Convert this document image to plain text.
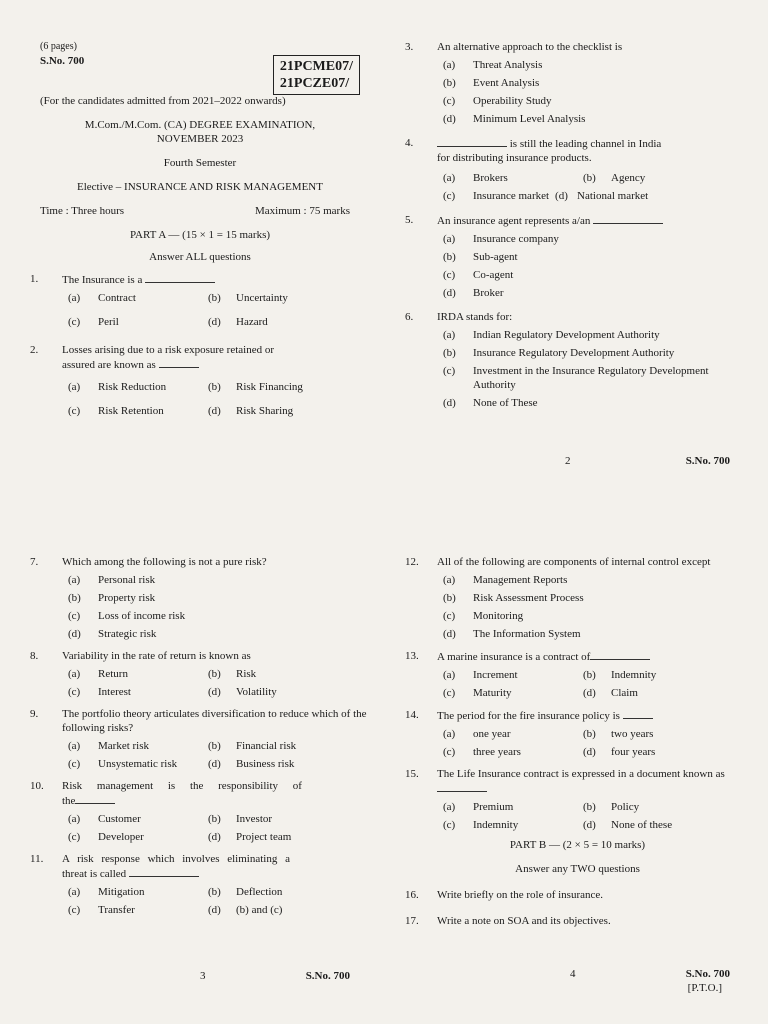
(6 pages)
S.No. 700	21PCME07/
21PCZE07/
(For the candidates admitted from 2021–2022 onwards)
M.Com./M.Com. (CA) DEGREE EXAMINATION,
NOVEMBER 2023
Fourth Semester
Elective – INSURANCE AND RISK MANAGEMENT
Time : Three hours	Maximum : 75 marks
PART A — (15 × 1 = 15 marks)
Answer ALL questions
1.	The Insurance is a
(a)	Contract	(b)	Uncertainty
(c)	Peril	(d)	Hazard
2.	Losses arising due to a risk exposure retained or
assured are known as
(a)	Risk Reduction	(b)	Risk Financing
(c)	Risk Retention	(d)	Risk Sharing
3.	An alternative approach to the checklist is
(a)	Threat Analysis
(b)	Event Analysis
(c)	Operability Study
(d)	Minimum Level Analysis
4.	is still the leading channel in India
for distributing insurance products.
(a)	Brokers	(b)	Agency
(c)	Insurance market (d) National market
5.	An insurance agent represents a/an
(a)	Insurance company
(b)	Sub-agent
(c)	Co-agent
(d)	Broker
6.	IRDA stands for:
(a)	Indian Regulatory Development Authority
(b)	Insurance Regulatory Development Authority
(c)	Investment in the Insurance Regulatory Development Authority
(d)	None of These
2	S.No. 700
7.	Which among the following is not a pure risk?
(a)	Personal risk
(b)	Property risk
(c)	Loss of income risk
(d)	Strategic risk
8.	Variability in the rate of return is known as
(a)	Return	(b)	Risk
(c)	Interest	(d)	Volatility
9.	The portfolio theory articulates diversification to reduce which of the following risks?
(a)	Market risk	(b)	Financial risk
(c)	Unsystematic risk	(d)	Business risk
10.	Risk management is the responsibility of
the
(a)	Customer	(b)	Investor
(c)	Developer	(d)	Project team
11.	A risk response which involves eliminating a
threat is called
(a)	Mitigation	(b)	Deflection
(c)	Transfer	(d)	(b) and (c)
3	S.No. 700
12.	All of the following are components of internal control except
(a)	Management Reports
(b)	Risk Assessment Process
(c)	Monitoring
(d)	The Information System
13.	A marine insurance is a contract of
(a)	Increment	(b)	Indemnity
(c)	Maturity	(d)	Claim
14.	The period for the fire insurance policy is
(a)	one year	(b)	two years
(c)	three years	(d)	four years
15.	The Life Insurance contract is expressed in a document known as
(a)	Premium	(b)	Policy
(c)	Indemnity	(d)	None of these
PART B — (2 × 5 = 10 marks)
Answer any TWO questions
16.	Write briefly on the role of insurance.
17.	Write a note on SOA and its objectives.
4	S.No. 700
[P.T.O.]
